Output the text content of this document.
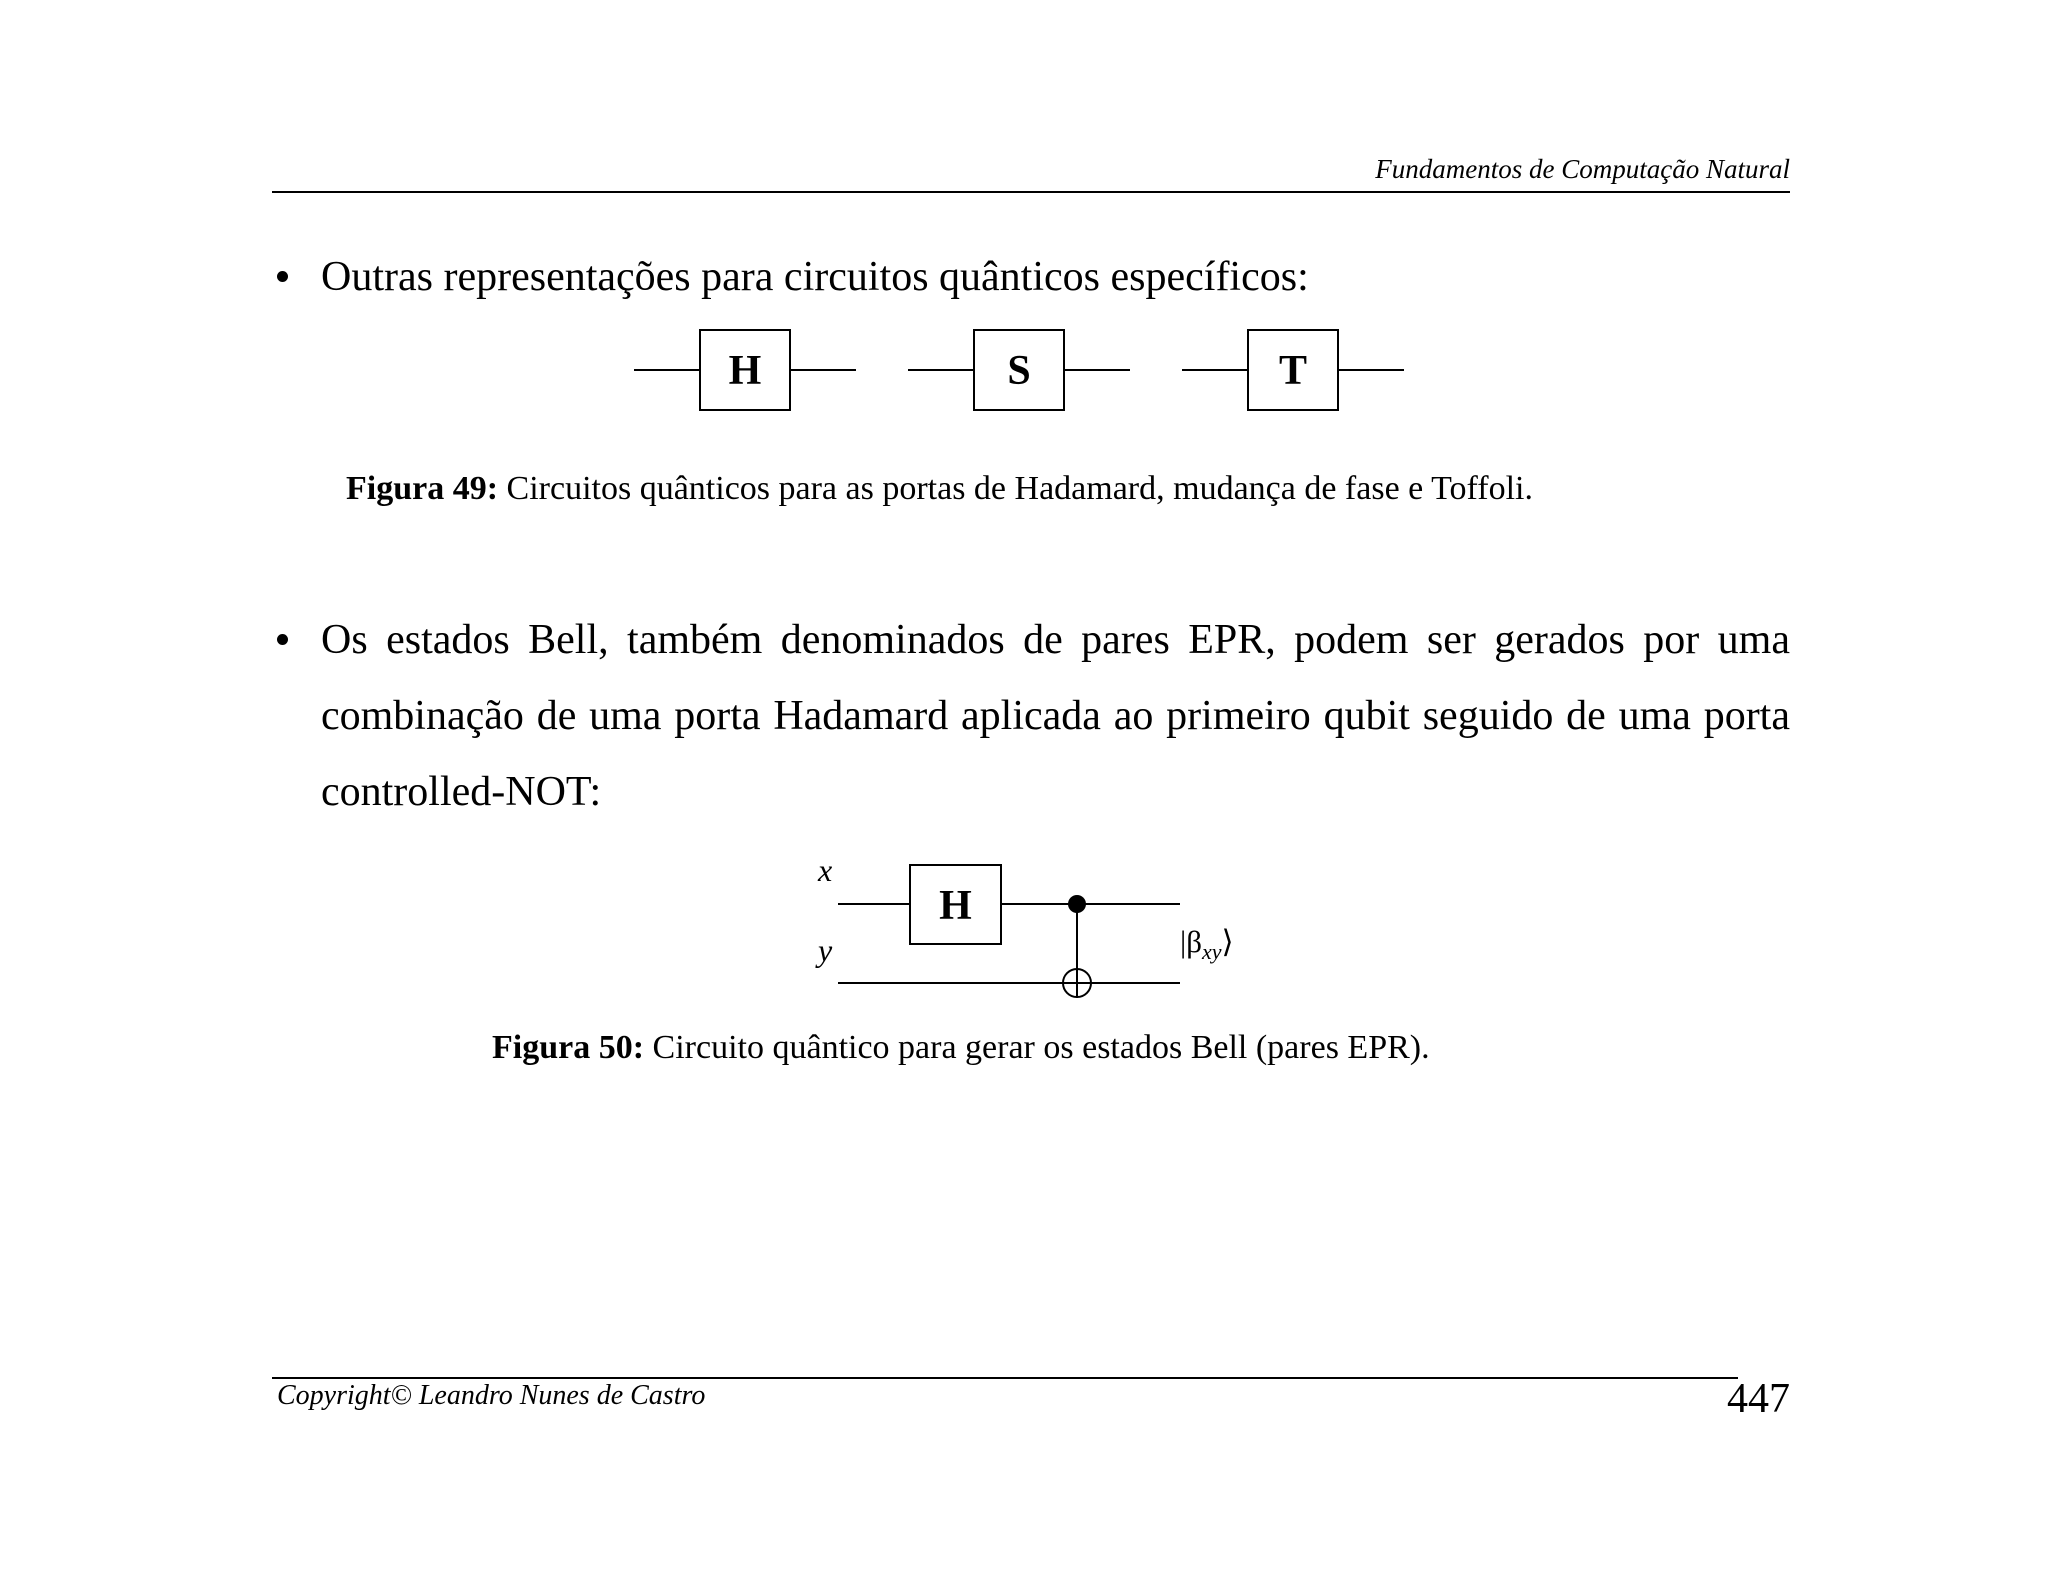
Fundamentos de Computação Natural
Outras representações para circuitos quânticos específicos:
H	S	T
Figura 49: Circuitos quânticos para as portas de Hadamard, mudança de fase e Toffoli.
Os estados Bell, também denominados de pares EPR, podem ser gerados por uma combinação de uma porta Hadamard aplicada ao primeiro qubit seguido de uma porta controlled-NOT:
x
y
H
$|\beta_{xy}⟩$
Figura 50: Circuito quântico para gerar os estados Bell (pares EPR).
Copyright© Leandro Nunes de Castro	447
